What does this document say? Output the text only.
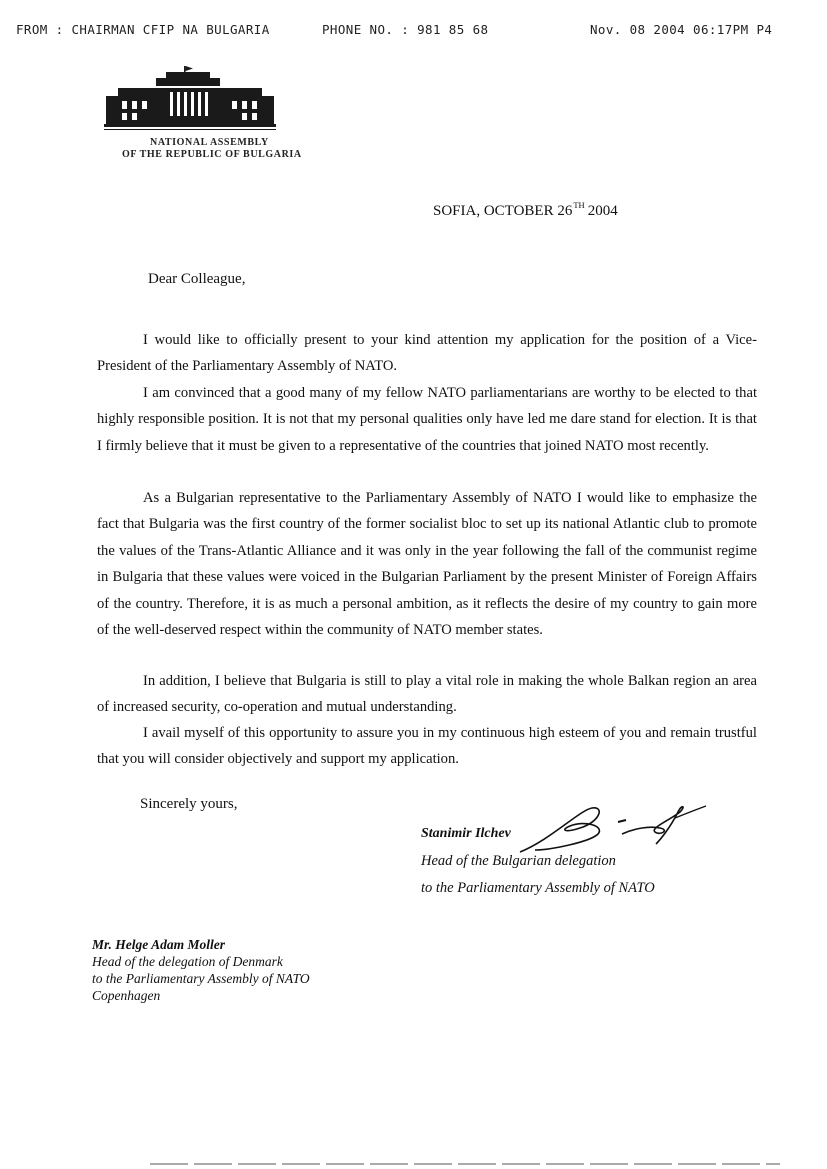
FROM : CHAIRMAN CFIP NA BULGARIA	PHONE NO. : 981 85 68	Nov. 08 2004 06:17PM P4
NATIONAL ASSEMBLY
OF THE REPUBLIC OF BULGARIA
SOFIA, OCTOBER 26TH 2004
Dear Colleague,

I would like to officially present to your kind attention my application for the position of a Vice-President of the Parliamentary Assembly of NATO.

I am convinced that a good many of my fellow NATO parliamentarians are worthy to be elected to that highly responsible position. It is not that my personal qualities only have led me dare stand for election. It is that I firmly believe that it must be given to a representative of the countries that joined NATO most recently.

As a Bulgarian representative to the Parliamentary Assembly of NATO I would like to emphasize the fact that Bulgaria was the first country of the former socialist bloc to set up its national Atlantic club to promote the values of the Trans-Atlantic Alliance and it was only in the year following the fall of the communist regime in Bulgaria that these values were voiced in the Bulgarian Parliament by the present Minister of Foreign Affairs of the country. Therefore, it is as much a personal ambition, as it reflects the desire of my country to gain more of the well-deserved respect within the community of NATO member states.

In addition, I believe that Bulgaria is still to play a vital role in making the whole Balkan region an area of increased security, co-operation and mutual understanding.

I avail myself of this opportunity to assure you in my continuous high esteem of you and remain trustful that you will consider objectively and support my application.

Sincerely yours,
Stanimir Ilchev
Head of the Bulgarian delegation
to the Parliamentary Assembly of NATO
Mr. Helge Adam Moller
Head of the delegation of Denmark
to the Parliamentary Assembly of NATO
Copenhagen
